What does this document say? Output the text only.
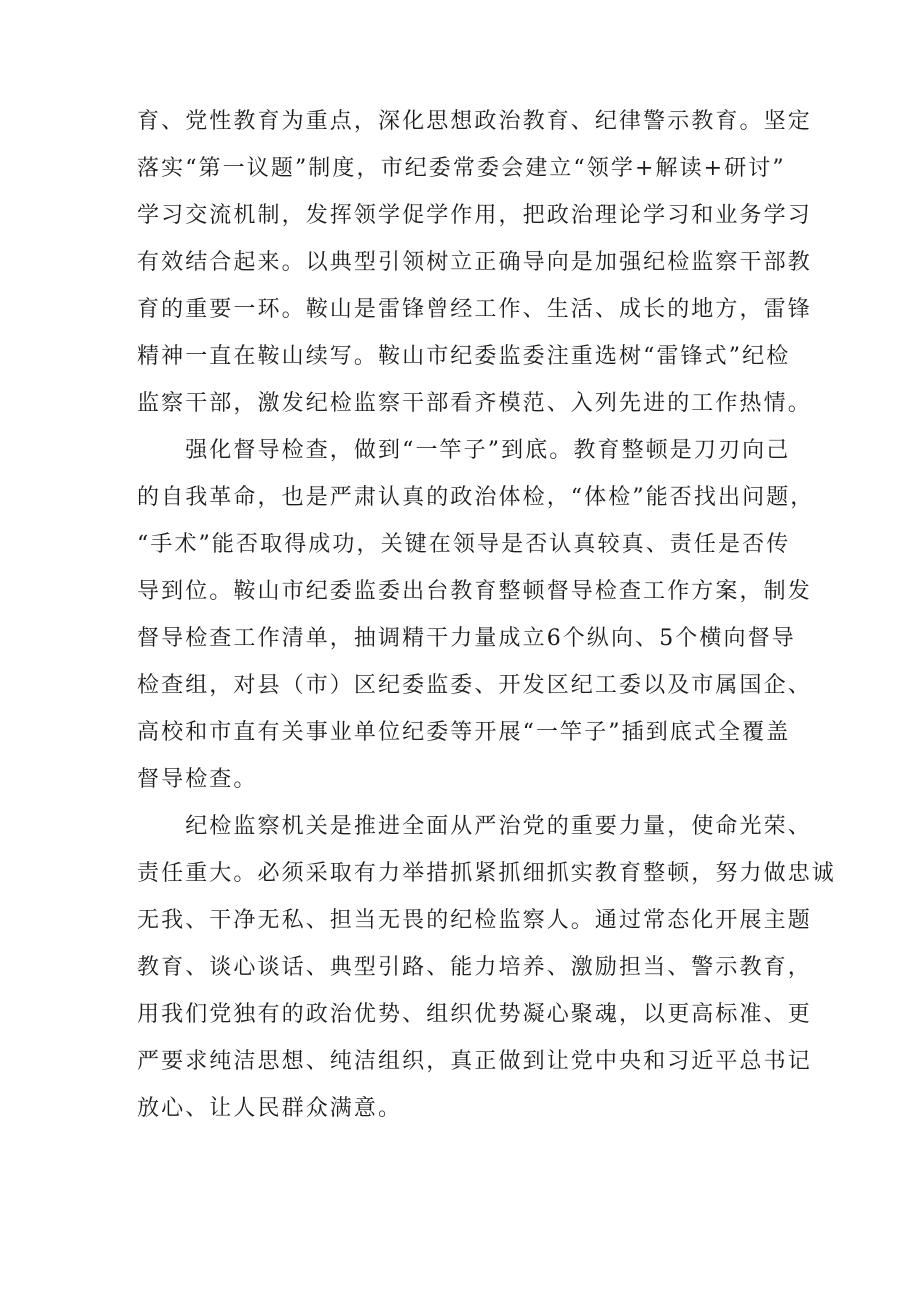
育、党性教育为重点，深化思想政治教育、纪律警示教育。坚定
落实“第一议题”制度，市纪委常委会建立“领学+解读+研讨”
学习交流机制，发挥领学促学作用，把政治理论学习和业务学习
有效结合起来。以典型引领树立正确导向是加强纪检监察干部教
育的重要一环。鞍山是雷锋曾经工作、生活、成长的地方，雷锋
精神一直在鞍山续写。鞍山市纪委监委注重选树“雷锋式”纪检
监察干部，激发纪检监察干部看齐模范、入列先进的工作热情。
　　强化督导检查，做到“一竿子”到底。教育整顿是刀刃向己
的自我革命，也是严肃认真的政治体检，“体检”能否找出问题，
“手术”能否取得成功，关键在领导是否认真较真、责任是否传
导到位。鞍山市纪委监委出台教育整顿督导检查工作方案，制发
督导检查工作清单，抽调精干力量成立6个纵向、5个横向督导
检查组，对县（市）区纪委监委、开发区纪工委以及市属国企、
高校和市直有关事业单位纪委等开展“一竿子”插到底式全覆盖
督导检查。
　　纪检监察机关是推进全面从严治党的重要力量，使命光荣、
责任重大。必须采取有力举措抓紧抓细抓实教育整顿，努力做忠诚
无我、干净无私、担当无畏的纪检监察人。通过常态化开展主题
教育、谈心谈话、典型引路、能力培养、激励担当、警示教育，
用我们党独有的政治优势、组织优势凝心聚魂，以更高标准、更
严要求纯洁思想、纯洁组织，真正做到让党中央和习近平总书记
放心、让人民群众满意。
